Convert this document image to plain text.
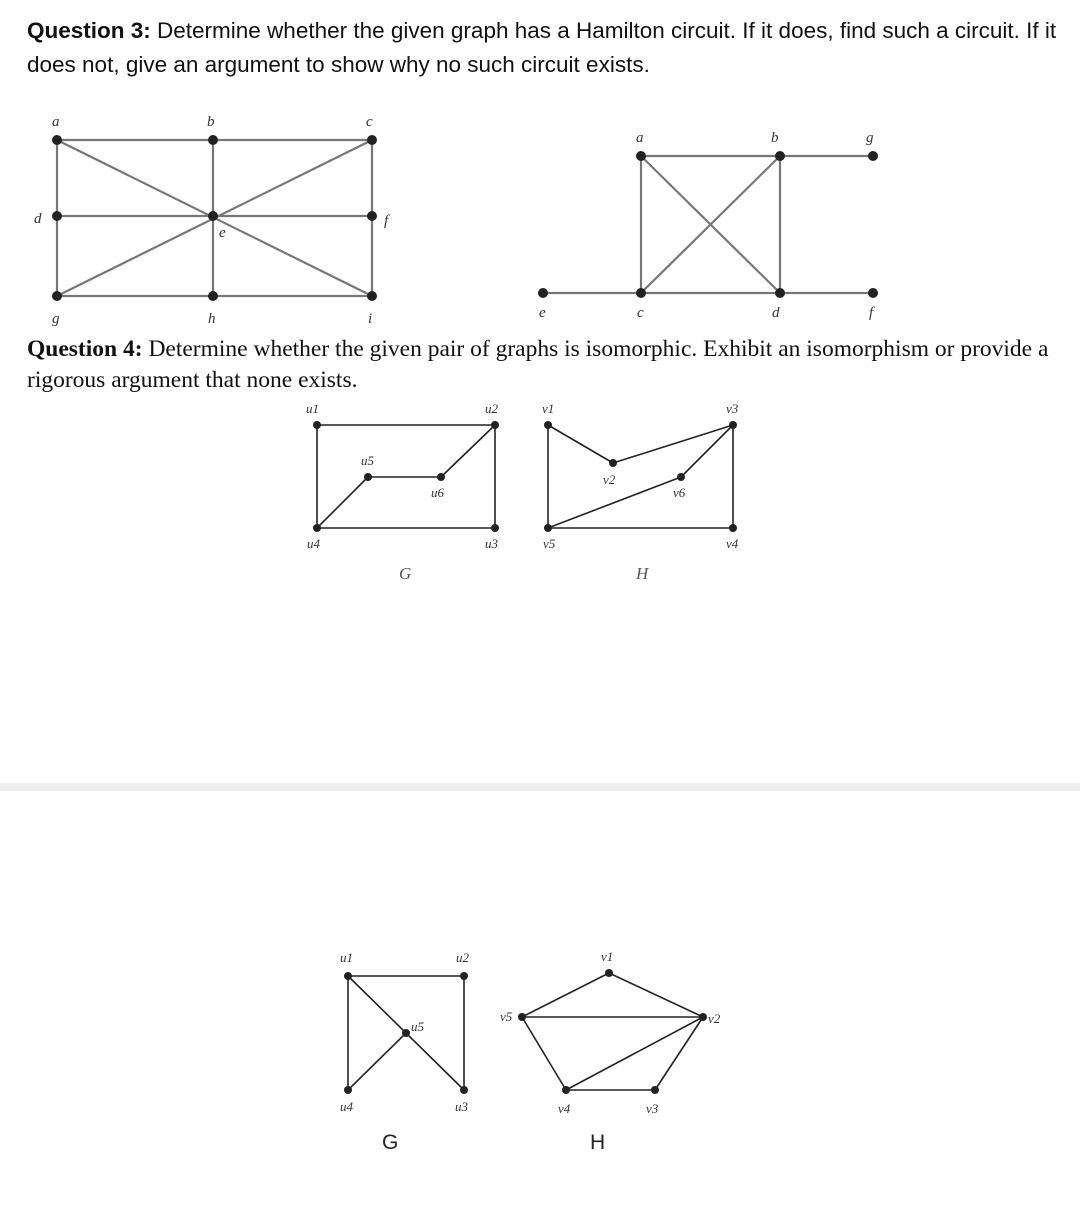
Question 3: Determine whether the given graph has a Hamilton circuit. If it does, find such a circuit. If it does not, give an argument to show why no such circuit exists.

Question 4: Determine whether the given pair of graphs is isomorphic. Exhibit an isomorphism or provide a rigorous argument that none exists.

a	b	c
d
e
f
g	h	i
a	b	g
e	c	d	f
u1	u2
u3
u4
u5
u6
G
v1
v2
v3
v4
v5
v6
H
u1	u2
u3
u4
u5
G
v1
v2
v3
v4
v5
H
